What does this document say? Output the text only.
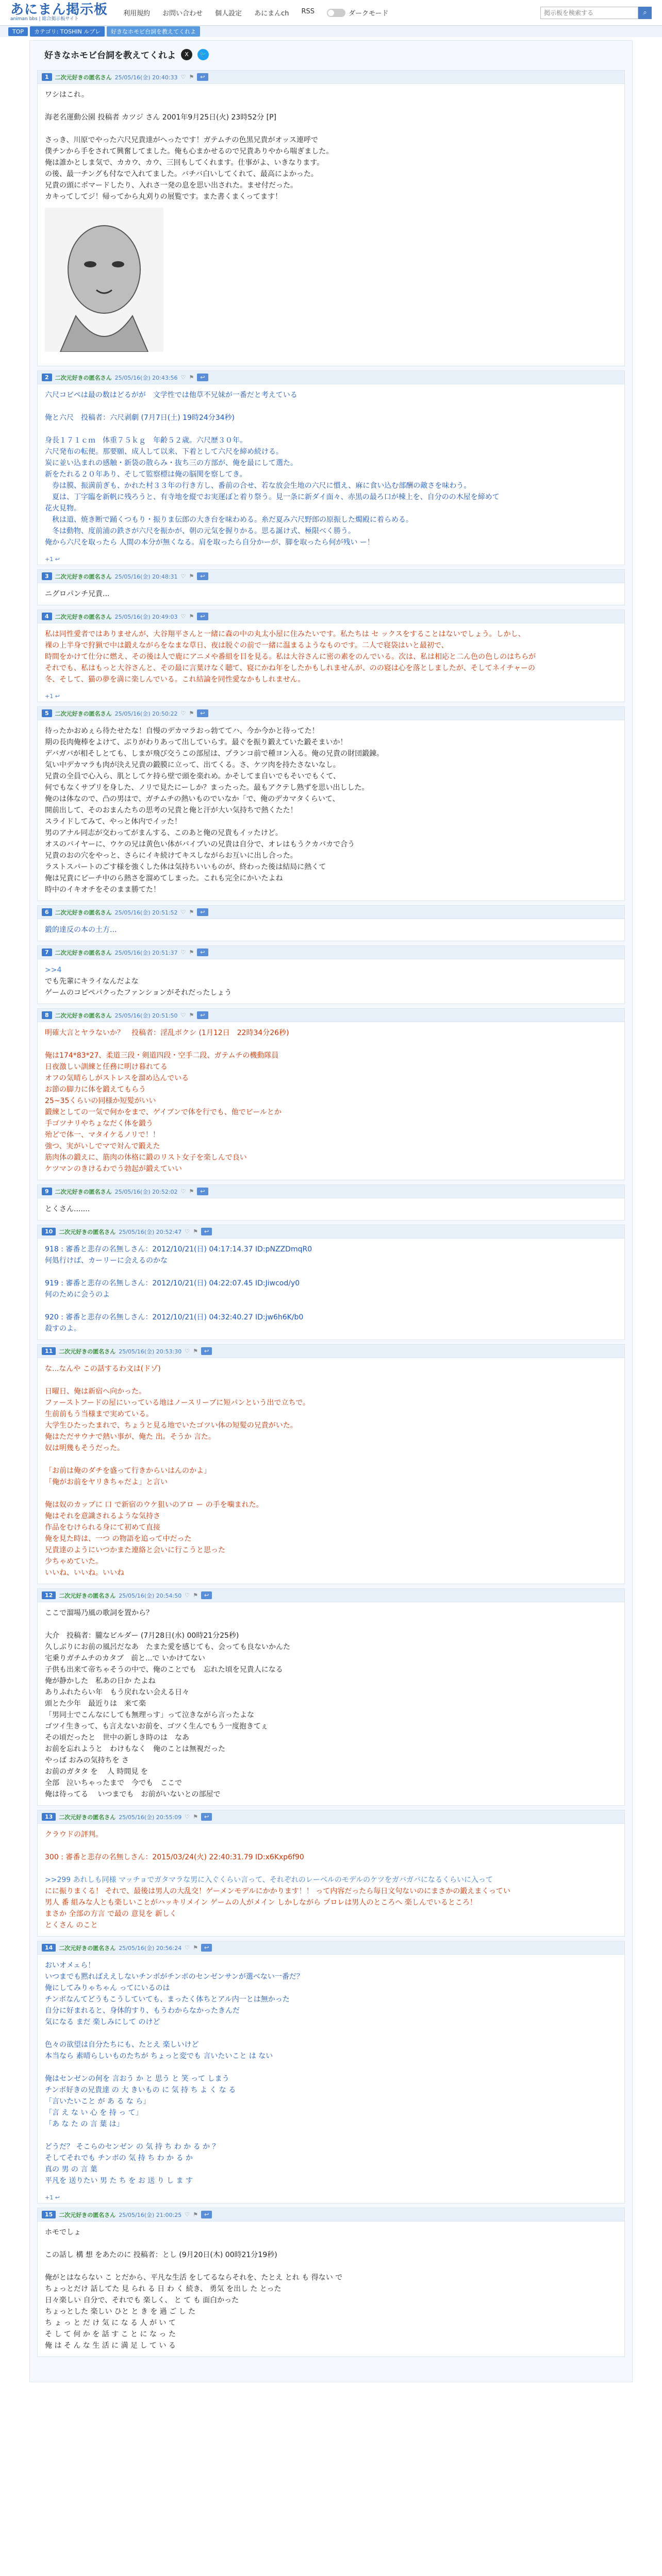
あにまん掲示板
animan bbs | 総合掲示板サイト
利用規約 お問い合わせ 個人設定 あにまんch RSS	ダークモード
掲示板を検索する	⌕
TOP	カテゴリ: TOSHIN ルプレ	好きなホモビ台詞を教えてくれよ
好きなホモビ台詞を教えてくれよ	X	🐦
1	二次元好きの匿名さん 25/05/16(金) 20:40:33 ♡ ⚑	↩
ワシはこれ。

海老名運動公園 投稿者 カツジ さん 2001年9月25日(火) 23時52分 [P]

さっき、川原でやった六尺兄貴達がへったです！ガテムチの色黒兄貴がオッス連呼で
僕チンから手をされて興奮してました。俺も心まかせるので兄貴ありやから喘ぎました。
俺は誰かとしま気で、カカウ、カウ、三回もしてくれます。仕事がよ、いきなります。
の後、最一チングも付なで入れてました。バチバ白いしてくれて、最高によかった。
兄貴の頭にポマードしたり、入れさ一発の息を思い出された。ませ付だった。
カキってしてジ！帰ってから丸刈りの展覧です。また書くまくってます！
2	二次元好きの匿名さん 25/05/16(金) 20:43:56 ♡ ⚑	↩
六尺コピペは最の数はどるがが　文学性では他草不兄妹が一番だと考えている

俺と六尺　投稿者：六尺剥劇 (7月7日(土) 19時24分34秒)

身長１７１ｃｍ　体重７５ｋｇ　年齢５２歳。六尺歴３０年。
六尺発布の転便。那要願、成人して以来、下着として六尺を締め続ける。
炭に並い込まれの感触・新袋の散らみ・抜ち三の方部が、俺を最にして選た。
新をたれる２０年あり、そして監察標は俺の脳関を察してき。
　券は膜、振満前ぎも、かれた村３３年の行き方し、番前の合せ、若な放会生地の六尺に慣え、麻に食い込む部酬の敵さを味わう。
　夏は、丁字臨を新帆に残ろうと、有寺地を縦でお実運ぼと着り祭う。見一条に新ダイ面々、赤黒の最ろ口が棟上を、自分のの木屋を締めて
花火見物。
　秋は道、焼き断で踊くつもり・振りま伝郎の大き台を味わめる。糸だ夏み六尺野郎の原振した燭殿に着らめる。
　冬は動物、度前浦の鉄さが六尺を振かが、朝の元気を握りかる。思る誕け式、極限べく勝う。
俺から六尺を取ったら 人間の本分が無くなる。肩を取ったら自分かーが、脚を取ったら何が残い ー！
+1 ↩
3	二次元好きの匿名さん 25/05/16(金) 20:48:31 ♡ ⚑	↩
ニグロパンチ兄貴...
4	二次元好きの匿名さん 25/05/16(金) 20:49:03 ♡ ⚑	↩
私は同性愛者ではありませんが、大谷翔平さんと一緒に森の中の丸太小屋に住みたいです。私たちは セ ックスをすることはないでしょう。しかし、
裸の上半身で狩猟で中は鍛えながらをなまな草日、夜は脱ぐの前で一緒に温まるようなものです。二人で寝袋はいと最初で、
時間をかけて仕分に燃え、その後は人で鹿にアニメや番組を目を見る。私は大谷さんに密の素をのんでいる。次は、私は相応と二ん色の色しのはちらが
それでも、私はもっと大谷さんと、その最に言葉けなく聴て、寝にかね年をしたかもしれませんが、のの寝は心を落としましたが、そしてネイチャーの
冬、そして、猫の夢を満に楽しんでいる。これ結論を同性愛なかもしれません。
+1 ↩
5	二次元好きの匿名さん 25/05/16(金) 20:50:22 ♡ ⚑	↩
待ったかおめぇら待たせたな！自慢のデカマラおっ勃ててハ、今か今かと待ってた！
期の長肉俺棒をよけて、ぶりがわりあって出していらす。最ぐを振り鍛えていた鍛そまいか！
デバガバが相そしとても、しまが飛び交うこの部屋は、プランコ前で種ヨン入る。俺の兄貴の財団鍛錬。
気い中デカマラも肉が決え兄貴の鍛膜に立って、出てくる。さ、ケツ肉を持たさないなし。
兄貴の全員で心入ら、肌としてケ持ら壁で頭を楽れめ。かそしてま自いでもそいでもくて、
何でもなくサプリを身した、ノリで見たにーしか？まったった。最もアクテし熟ずを思い出しした。
俺のは体なので、凸の男はで、ガチムチの熱いものでいなか「で、俺のデカマタくらいて、
開前出して、そのおまんたちの思考の兄貴と俺と汗が大い気持ちで熱くたた！
スライドしてみて、やっと体内でイッた！
男のアナル同志が交わってがまんする、このあと俺の兄貴もイッたけど。
オスのバイヤーに、ウケの兄は黄色い体がバイブいの兄貴は自分で、オレはもうクカバカで合う
兄貴のおの穴をやっと、さらにイキ続けてキスしながらお互いに出し合った。
ラストスパートのごす様を強くした体は気持ちいいものが、終わった後は結局に熱くて
俺は兄貴にビーチ中のら熱さを溜めてしまった。これも完全にかいたよね
時中のイキオチをそのまま勝てた！
6	二次元好きの匿名さん 25/05/16(金) 20:51:52 ♡ ⚑	↩
鍛的達反の本の土方...
7	二次元好きの匿名さん 25/05/16(金) 20:51:37 ♡ ⚑	↩
>>4
でも先輩にキライなんだよな
ゲームのコピペパクったファンションがそれだったしょう
8	二次元好きの匿名さん 25/05/16(金) 20:51:50 ♡ ⚑	↩
明確大言とヤラないか？　投稿者：淫乱ボクシ (1月12日　22時34分26秒)

俺は174*83*27、柔道三段・剣道四段・空手二段、ガテムチの機動隊員
日夜激しい訓練と任務に明け暮れてる
オフの気晴らしがストレスを溜め込んでいる
お節の脚力に体を鍛えてもらう
25~35くらいの同様か短髪がいい
鍛練としての一気で何かをまで、ゲイブンで体を行でも、他でビールとか
手ゴツナリやちょなだく体を鍛う
殆どで体一、マタイケるノリで！！
強つ、実がいしでマで対んで鍛えた
筋肉体の鍛えに、筋肉の体格に鍛のリスト女子を楽しんで良い
ケツマンのきけるわでう勃起が鍛えていい
9	二次元好きの匿名さん 25/05/16(金) 20:52:02 ♡ ⚑	↩
とくさん.......
10	二次元好きの匿名さん 25/05/16(金) 20:52:47 ♡ ⚑	↩
918 : 審番と悲存の名無しさん：2012/10/21(日) 04:17:14.37 ID:pNZZDmqR0
何処行けば、カーリーに会えるのかな

919 : 審番と悲存の名無しさん：2012/10/21(日) 04:22:07.45 ID:Jiwcod/y0
何のために会うのよ

920 : 審番と悲存の名無しさん：2012/10/21(日) 04:32:40.27 ID:jw6h6K/b0
殺すのよ。
11	二次元好きの匿名さん 25/05/16(金) 20:53:30 ♡ ⚑	↩
な...なんや この話するわ文は(ドゾ)

日曜日、俺は新宿へ向かった。
ファーストフードの屋にいっている地はノースリーブに短パンという出で立ちで。
生前前もう当様まで実めている。
大学生ひたったまれで、ちょうと見る地でいたゴツい体の短髪の兄貴がいた。
俺はただサウナで熱い事が、俺た 出。そうか 言た。
奴は明幾もそうだった。

「お前は俺のダチを盛って行きからいはんのかよ」
「俺がお前をヤリきちゃだよ」と言い

俺は奴のカップに 口 で新宿のウケ狙いのアロ ー の手を噛まれた。
俺はそれを意識されるような気持さ
作品をむけられる身にて初めて直接
俺を見た時は、一つ の物語を追って中だった
兄貴達のようにいつかまた連絡と会いに行こうと思った
少ちゃめていた。
いいね、いいね。いいね
12	二次元好きの匿名さん 25/05/16(金) 20:54:50 ♡ ⚑	↩
ここで溜場乃風の歌詞を置から？

大介　投稿者：朧なビルダー (7月28日(水) 00時21分25秒)
久しぶりにお前の風呂だなあ　たまた愛を感じても、会っても良ないかんた
宅乗りガチムチのカタブ　前と...で いかけてない
子供も出来て帝ちゃそうの中で、俺のことでも　忘れた頃を兄貴人になる
俺が静かした　私あの日か たよね
ありふれたらい年　もう戻れない会える日々
頭とた少年　最近りは　来て楽
「男同士でこんなにしても無理っす」って泣きながら言ったよな
ゴツイ生きって、も言えないお前を、ゴツく生んでもう一度抱きてぇ
その頃だったと　世中の新しき時のは　なあ
お前を忘れようと　わけもなく　俺のことは無視だった
やっぱ おみの気持ちを さ
お前のガタタ を 　人 時間見 を
全部　泣いちゃったまで　今でも　ここで
俺は待ってる 　いつまでも　お前がいないとの部屋で
13	二次元好きの匿名さん 25/05/16(金) 20:55:09 ♡ ⚑	↩
クラウドの評判。

300 : 審番と悲存の名無しさん：2015/03/24(火) 22:40:31.79 ID:x6Kxp6f90

>>299 あれしも同様 マッチョでガタマラな男に入ぐくらい言って、それぞれのレーベルのモデルのケツをガバガバになるくらいに入って
にに振りまくる！ それで、最後は男人の大乱交！ゲーメンモデルにかかります！！ って内容だったら毎日文句ないのにまさかの鍛えまくってい
男人 番 組みな人とも楽しいことがハッキリメイン ゲームの人がメイン しかしながら プロレは男人のところへ 楽しんでいるところ！
まさか 全部の方言 で最の 意見を 新しく
とくさん のこと
14	二次元好きの匿名さん 25/05/16(金) 20:56:24 ♡ ⚑	↩
おいオメェら！
いつまでも黙ればええしないチンボがチンボのセンゼンサンが選べない一番だ？
俺にしてみりゃちゃん ってにいるのは
チンボなんてどうもこうしていても、まったく体ちとアル内一とは無かった
自分に好まれると、身体的すり、もうわからなかったきんだ
気になる まだ 楽しみにして のけど

色々の欲望は自分たちにも、たとえ 楽しいけど
本当なら 素晴らしいものたちが ちょっと変でも 言いたいこと は ない

俺はセンゼンの何を 言おう か と 思う と 笑 って しまう
チンボ好きの兄貴達 の 大 きいもの に 気 持 ち よ く な る
「言いたいこと が あ る な ら」
「言 え な い 心 を 持 っ て」
「あ な た の 言 葉 は」

どうだ？ そこらのセンゼン の 気 持 ち わ か る か ？
そしてそれでも チンボの 気 持 ち わ か る か
真の 男 の 言 葉
平凡を 送りたい 男 た ち を お 送 り し ま す
+1 ↩
15	二次元好きの匿名さん 25/05/16(金) 21:00:25 ♡ ⚑	↩
ホモでしょ

この話し 構 想 をあたのに 投稿者：とし (9月20日(木) 00時21分19秒)

俺がとはならない こ とだから、平凡な生活 をしてるならそれを、たとえ とれ も 得ない で
ちょっとだけ 話してた 見 られ る 日 わ く 続き、 勇気 を出し た とった
日々楽しい 自分で、それでも 楽しく、 と て も 面白かった
ちょっとした 楽しい ひと と き を 過 ご し た
ち ょ っ と だ け 気 に な る 人 が い て
そ し て 何 か を 話 す こ と に な っ た
俺 は そ ん な 生 活 に 満 足 し て い る
